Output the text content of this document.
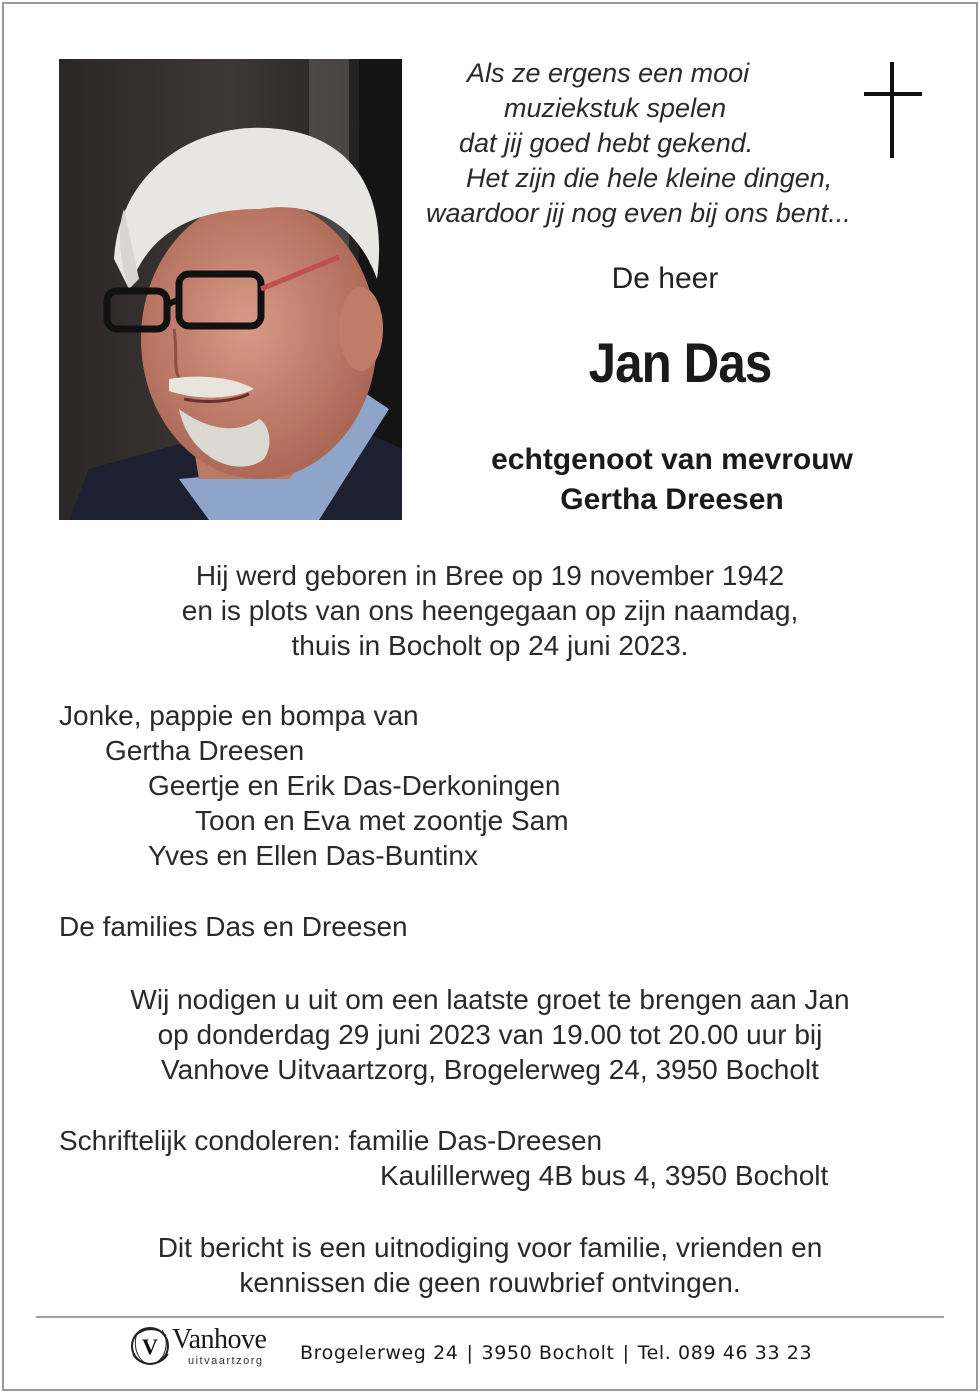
Als ze ergens een mooi
muziekstuk spelen
dat jij goed hebt gekend.
Het zijn die hele kleine dingen,
waardoor jij nog even bij ons bent...
De heer
Jan Das
echtgenoot van mevrouw
Gertha Dreesen
Hij werd geboren in Bree op 19 november 1942
en is plots van ons heengegaan op zijn naamdag,
thuis in Bocholt op 24 juni 2023.
Jonke, pappie en bompa van
Gertha Dreesen
Geertje en Erik Das-Derkoningen
Toon en Eva met zoontje Sam
Yves en Ellen Das-Buntinx
De families Das en Dreesen
Wij nodigen u uit om een laatste groet te brengen aan Jan
op donderdag 29 juni 2023 van 19.00 tot 20.00 uur bij
Vanhove Uitvaartzorg, Brogelerweg 24, 3950 Bocholt
Schriftelijk condoleren: familie Das-Dreesen
Kaulillerweg 4B bus 4, 3950 Bocholt
Dit bericht is een uitnodiging voor familie, vrienden en
kennissen die geen rouwbrief ontvingen.
V Vanhove
uitvaartzorg Brogelerweg 24 | 3950 Bocholt | Tel. 089 46 33 23
